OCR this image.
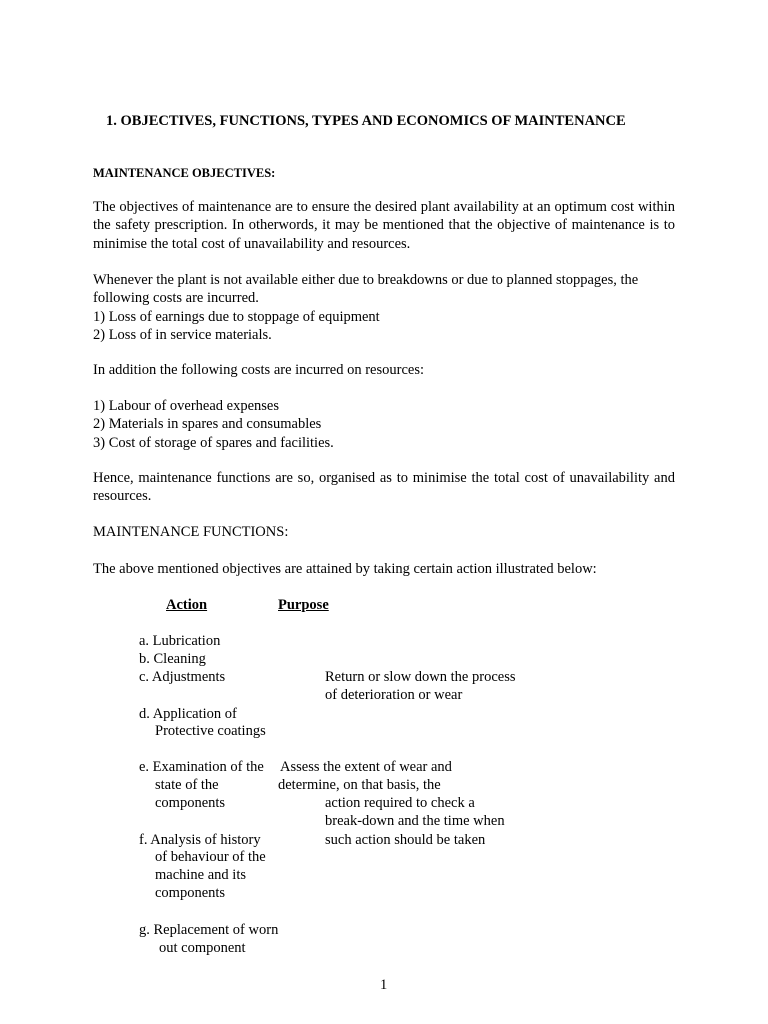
1. OBJECTIVES, FUNCTIONS, TYPES AND ECONOMICS OF MAINTENANCE
MAINTENANCE OBJECTIVES:
The objectives of maintenance are to ensure the desired plant availability at an optimum cost within the safety prescription. In otherwords, it may be mentioned that the objective of maintenance is to minimise the total cost of unavailability and resources.
Whenever the plant is not available either due to breakdowns or due to planned stoppages, the
following costs are incurred.
1) Loss of earnings due to stoppage of equipment
2) Loss of in service materials.
In addition the following costs are incurred on resources:
1) Labour of overhead expenses
2) Materials in spares and consumables
3) Cost of storage of spares and facilities.
Hence, maintenance functions are so, organised as to minimise the total cost of unavailability and resources.
MAINTENANCE FUNCTIONS:
The above mentioned objectives are attained by taking certain action illustrated below:
Action	Purpose
a. Lubrication
b. Cleaning
c. Adjustments
d. Application of
Protective coatings
e. Examination of the
state of the
components
f. Analysis of history
of behaviour of the
machine and its
components
g. Replacement of worn
out component
Return or slow down the process
of deterioration or wear
Assess the extent of wear and
determine, on that basis, the
action required to check a
break-down and the time when
such action should be taken
1
